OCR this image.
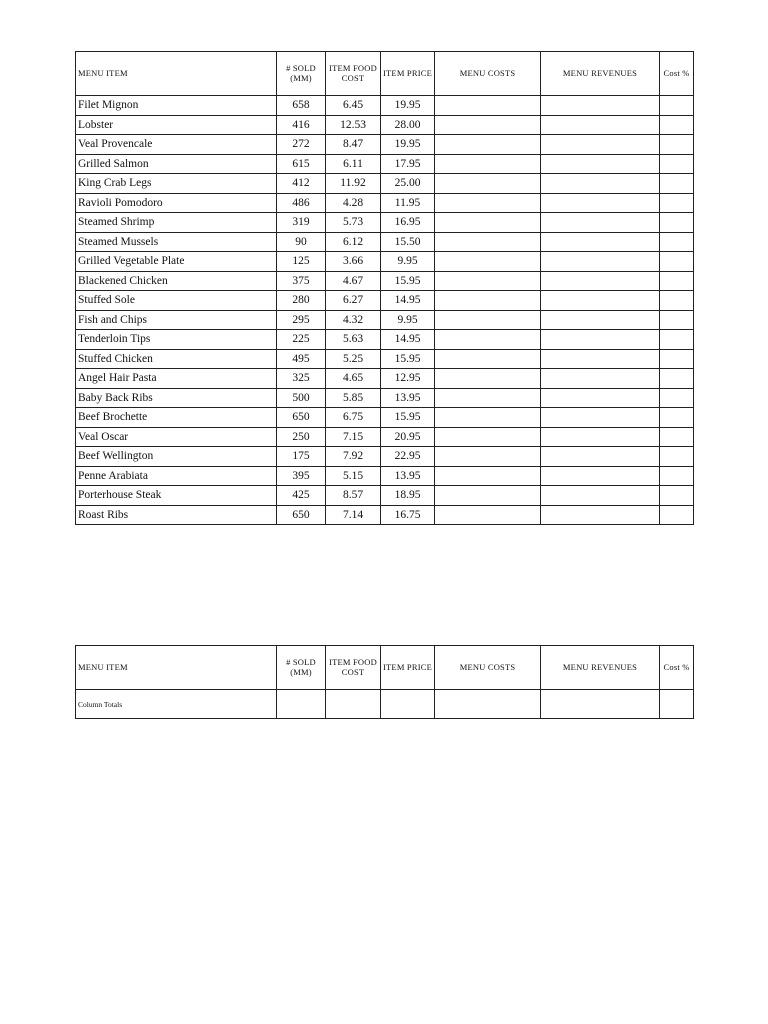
MENU ITEM	# SOLD (MM)	ITEM FOOD COST	ITEM PRICE	MENU COSTS	MENU REVENUES	Cost %
Filet Mignon	658	6.45	19.95			
Lobster	416	12.53	28.00			
Veal Provencale	272	8.47	19.95			
Grilled Salmon	615	6.11	17.95			
King Crab Legs	412	11.92	25.00			
Ravioli Pomodoro	486	4.28	11.95			
Steamed Shrimp	319	5.73	16.95			
Steamed Mussels	90	6.12	15.50			
Grilled Vegetable Plate	125	3.66	9.95			
Blackened Chicken	375	4.67	15.95			
Stuffed Sole	280	6.27	14.95			
Fish and Chips	295	4.32	9.95			
Tenderloin Tips	225	5.63	14.95			
Stuffed Chicken	495	5.25	15.95			
Angel Hair Pasta	325	4.65	12.95			
Baby Back Ribs	500	5.85	13.95			
Beef Brochette	650	6.75	15.95			
Veal Oscar	250	7.15	20.95			
Beef Wellington	175	7.92	22.95			
Penne Arabiata	395	5.15	13.95			
Porterhouse Steak	425	8.57	18.95			
Roast Ribs	650	7.14	16.75			
MENU ITEM	# SOLD (MM)	ITEM FOOD COST	ITEM PRICE	MENU COSTS	MENU REVENUES	Cost %
Column Totals						
